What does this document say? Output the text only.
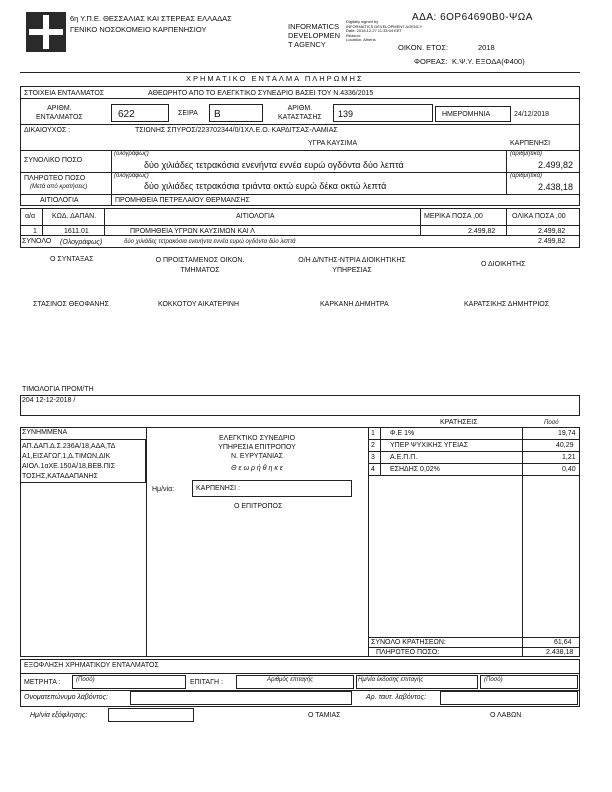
6η Υ.Π.Ε. ΘΕΣΣΑΛΙΑΣ ΚΑΙ ΣΤΕΡΕΑΣ ΕΛΛΑΔΑΣ
ΓΕΝΙΚΟ ΝΟΣΟΚΟΜΕΙΟ ΚΑΡΠΕΝΗΣΙΟΥ	INFORMATICS
DEVELOPMEN
T AGENCY
Digitally signed by
INFORMATICS DEVELOPMENT AGENCY
Date: 2018.12.27 11:33:04 EET
Reason:
Location: Athens
ΑΔΑ: 6ΟΡ64690Β0-ΨΩΑ
ΟΙΚΟΝ. ΕΤΟΣ:	2018
ΦΟΡΕΑΣ: Κ.Ψ.Υ. ΕΞΟΔΑ(Φ400)
ΧΡΗΜΑΤΙΚΟ ΕΝΤΑΛΜΑ ΠΛΗΡΩΜΗΣ
ΣΤΟΙΧΕΙΑ ΕΝΤΑΛΜΑΤΟΣ	ΑΘΕΩΡΗΤΟ ΑΠΟ ΤΟ ΕΛΕΓΚΤΙΚΟ ΣΥΝΕΔΡΙΟ ΒΑΣΕΙ ΤΟΥ Ν.4336/2015
ΑΡΙΘΜ.
ΕΝΤΑΛΜΑΤΟΣ	622	ΣΕΙΡΑ Β
ΑΡΙΘΜ.
ΚΑΤΑΣΤΑΣΗΣ 139	ΗΜΕΡΟΜΗΝΙΑ	24/12/2018
ΔΙΚΑΙΟΥΧΟΣ :	ΤΣΙΩΝΗΣ ΣΠΥΡΟΣ/223702344/0/1ΧΛ.Ε.Ο. ΚΑΡΔΙΤΣΑΣ-ΛΑΜΙΑΣ
ΥΓΡΑ ΚΑΥΣΙΜΑ	ΚΑΡΠΕΝΗΣΙ
ΣΥΝΟΛΙΚΟ ΠΟΣΟ
(ολογράφως)
δύο χιλιάδες τετρακόσια ενενήντα εννέα ευρώ ογδόντα δύο λεπτά
(αριθμητικά)
2.499,82
ΠΛΗΡΩΤΕΟ ΠΟΣΟ
(Μετά από κρατήσεις)
(ολογράφως)
δύο χιλιάδες τετρακόσια τριάντα οκτώ ευρώ δέκα οκτώ λεπτά
(αριθμητικά)
2.438,18
ΑΙΤΙΟΛΟΓΙΑ	ΠΡΟΜΗΘΕΙΑ ΠΕΤΡΕΛΑΙΟΥ ΘΕΡΜΑΝΣΗΣ
α/α ΚΩΔ. ΔΑΠΑΝ.	ΑΙΤΙΟΛΟΓΙΑ	ΜΕΡΙΚΑ ΠΟΣΑ ,00	ΟΛΙΚΑ ΠΟΣΑ ,00
1	1611.01	ΠΡΟΜΗΘΕΙΑ ΥΓΡΩΝ ΚΑΥΣΙΜΩΝ ΚΑΙ Λ	2.499,82	2.499,82
ΣΥΝΟΛΟ (Ολογράφως)	δύο χιλιάδες τετρακόσια ενενήντα εννέα ευρώ ογδόντα δύο λεπτά	2.499,82
Ο ΣΥΝΤΑΞΑΣ	Ο ΠΡΟΙΣΤΑΜΕΝΟΣ ΟΙΚΟΝ. ΤΜΗΜΑΤΟΣ
Ο/Η Δ/ΝΤΗΣ-ΝΤΡΙΑ ΔΙΟΙΚΗΤΙΚΗΣ ΥΠΗΡΕΣΙΑΣ
Ο ΔΙΟΙΚΗΤΗΣ
ΣΤΑΣΙΝΟΣ ΘΕΟΦΑΝΗΣ	ΚΟΚΚΟΤΟΥ ΑΙΚΑΤΕΡΙΝΗ	ΚΑΡΚΑΝΗ ΔΗΜΗΤΡΑ	ΚΑΡΑΤΣΙΚΗΣ ΔΗΜΗΤΡΙΟΣ
ΤΙΜΟΛΟΓΙΑ ΠΡΟΜ/ΤΗ
204 12-12-2018 /
ΚΡΑΤΗΣΕΙΣ	Ποσό
ΣΥΝΗΜΜΕΝΑ
ΑΠ.ΔΑΠ.Δ.Σ.236Α/18,ΑΔΑ,ΤΔ
Α1,ΕΙΣΑΓΩΓ.1,Δ.ΤΙΜΩΝ,ΔΙΚ
ΑΙΟΛ.1αΧΕ.150Α/18,ΒΕΒ.ΠΙΣ
ΤΟΣΗΣ,ΚΑΤΑΔΑΠΑΝΗΣ
ΕΛΕΓΚΤΙΚΟ ΣΥΝΕΔΡΙΟ
ΥΠΗΡΕΣΙΑ ΕΠΙΤΡΟΠΟΥ
Ν. ΕΥΡΥΤΑΝΙΑΣ
Θ ε ω ρ ή θ η κ ε
Ημ/νία:	ΚΑΡΠΕΝΗΣΙ :
Ο ΕΠΙΤΡΟΠΟΣ
1 Φ.Ε 1%	19,74
2 ΥΠΕΡ ΨΥΧΙΚΗΣ ΥΓΕΙΑΣ	40,29
3 Α.Ε.Π.Π.	1,21
4 ΕΣΗΔΗΣ 0,02%	0,40
ΣΥΝΟΛΟ ΚΡΑΤΗΣΕΩΝ:	61,64
ΠΛΗΡΩΤΕΟ ΠΟΣΟ:	2.438,18
ΕΞΟΦΛΗΣΗ ΧΡΗΜΑΤΙΚΟΥ ΕΝΤΑΛΜΑΤΟΣ
ΜΕΤΡΗΤΑ :	(Ποσό)	ΕΠΙΤΑΓΗ :	Αριθμός επιταγής	Ημ/νία έκδοσης επιταγής	(Ποσό)
Ονοματεπώνυμο λαβόντος:	Αρ. ταυτ. λαβόντος:
Ημ/νία εξόφλησης:	Ο ΤΑΜΙΑΣ	Ο ΛΑΒΩΝ
